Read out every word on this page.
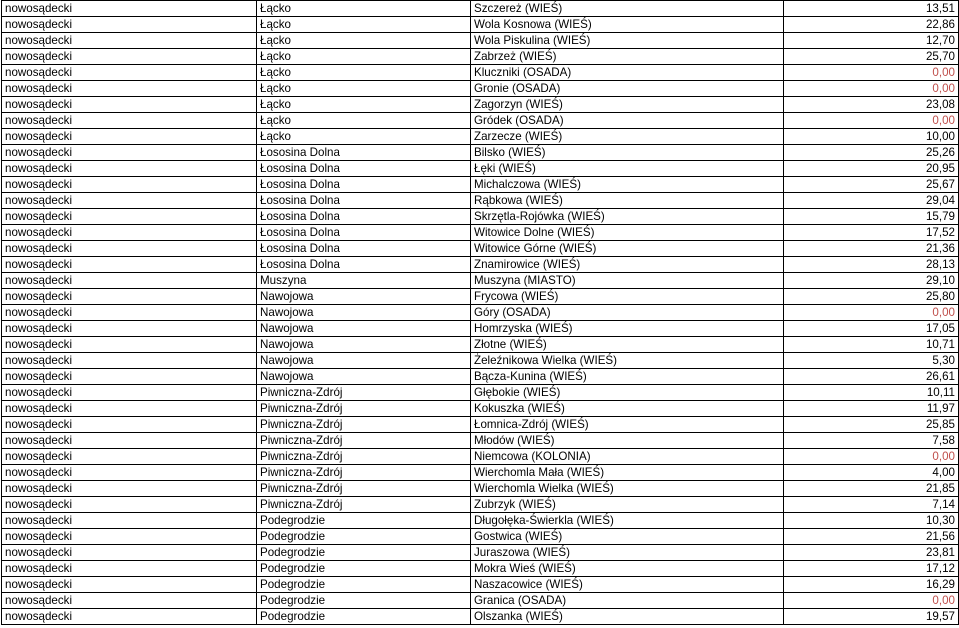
nowosądecki	Łącko	Szczereż (WIEŚ)	13,51
nowosądecki	Łącko	Wola Kosnowa (WIEŚ)	22,86
nowosądecki	Łącko	Wola Piskulina (WIEŚ)	12,70
nowosądecki	Łącko	Zabrzeż (WIEŚ)	25,70
nowosądecki	Łącko	Kluczniki (OSADA)	0,00
nowosądecki	Łącko	Gronie (OSADA)	0,00
nowosądecki	Łącko	Zagorzyn (WIEŚ)	23,08
nowosądecki	Łącko	Gródek (OSADA)	0,00
nowosądecki	Łącko	Zarzecze (WIEŚ)	10,00
nowosądecki	Łososina Dolna	Bilsko (WIEŚ)	25,26
nowosądecki	Łososina Dolna	Łęki (WIEŚ)	20,95
nowosądecki	Łososina Dolna	Michalczowa (WIEŚ)	25,67
nowosądecki	Łososina Dolna	Rąbkowa (WIEŚ)	29,04
nowosądecki	Łososina Dolna	Skrzętla-Rojówka (WIEŚ)	15,79
nowosądecki	Łososina Dolna	Witowice Dolne (WIEŚ)	17,52
nowosądecki	Łososina Dolna	Witowice Górne (WIEŚ)	21,36
nowosądecki	Łososina Dolna	Znamirowice (WIEŚ)	28,13
nowosądecki	Muszyna	Muszyna (MIASTO)	29,10
nowosądecki	Nawojowa	Frycowa (WIEŚ)	25,80
nowosądecki	Nawojowa	Góry (OSADA)	0,00
nowosądecki	Nawojowa	Homrzyska (WIEŚ)	17,05
nowosądecki	Nawojowa	Złotne (WIEŚ)	10,71
nowosądecki	Nawojowa	Żeleźnikowa Wielka (WIEŚ)	5,30
nowosądecki	Nawojowa	Bącza-Kunina (WIEŚ)	26,61
nowosądecki	Piwniczna-Zdrój	Głębokie (WIEŚ)	10,11
nowosądecki	Piwniczna-Zdrój	Kokuszka (WIEŚ)	11,97
nowosądecki	Piwniczna-Zdrój	Łomnica-Zdrój (WIEŚ)	25,85
nowosądecki	Piwniczna-Zdrój	Młodów (WIEŚ)	7,58
nowosądecki	Piwniczna-Zdrój	Niemcowa (KOLONIA)	0,00
nowosądecki	Piwniczna-Zdrój	Wierchomla Mała (WIEŚ)	4,00
nowosądecki	Piwniczna-Zdrój	Wierchomla Wielka (WIEŚ)	21,85
nowosądecki	Piwniczna-Zdrój	Zubrzyk (WIEŚ)	7,14
nowosądecki	Podegrodzie	Długołęka-Świerkla (WIEŚ)	10,30
nowosądecki	Podegrodzie	Gostwica (WIEŚ)	21,56
nowosądecki	Podegrodzie	Juraszowa (WIEŚ)	23,81
nowosądecki	Podegrodzie	Mokra Wieś (WIEŚ)	17,12
nowosądecki	Podegrodzie	Naszacowice (WIEŚ)	16,29
nowosądecki	Podegrodzie	Granica (OSADA)	0,00
nowosądecki	Podegrodzie	Olszanka (WIEŚ)	19,57
